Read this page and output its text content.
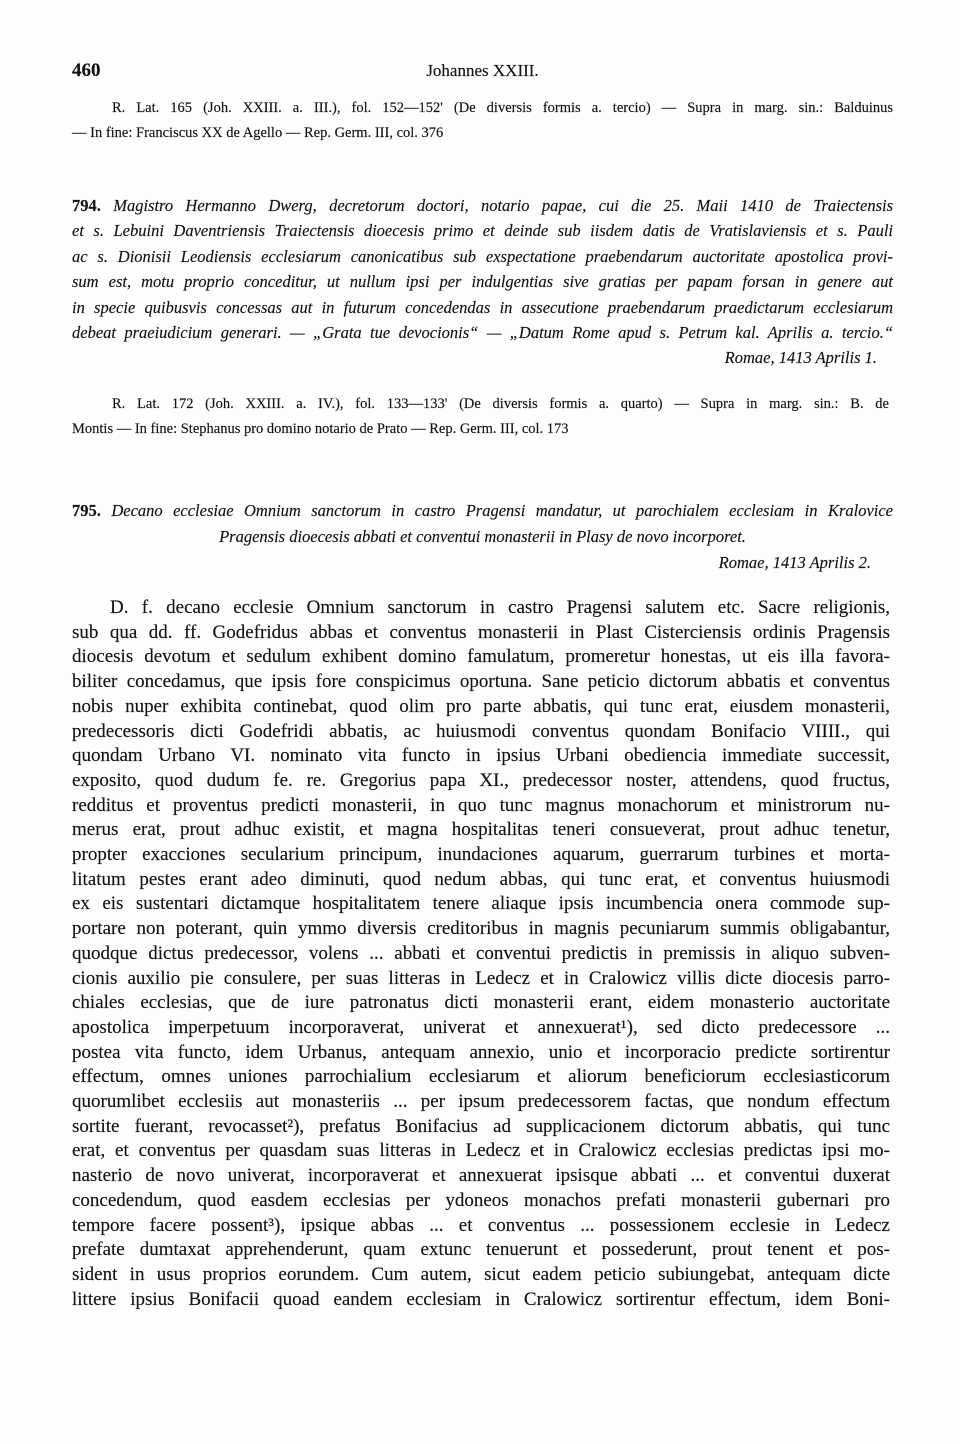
460	Johannes XXIII.
R. Lat. 165 (Joh. XXIII. a. III.), fol. 152—152' (De diversis formis a. tercio) — Supra in marg. sin.: Balduinus
— In fine: Franciscus XX de Agello — Rep. Germ. III, col. 376
794. Magistro Hermanno Dwerg, decretorum doctori, notario papae, cui die 25. Maii 1410 de Traiectensis
et s. Lebuini Daventriensis Traiectensis dioecesis primo et deinde sub iisdem datis de Vratislaviensis et s. Pauli
ac s. Dionisii Leodiensis ecclesiarum canonicatibus sub exspectatione praebendarum auctoritate apostolica provi-
sum est, motu proprio conceditur, ut nullum ipsi per indulgentias sive gratias per papam forsan in genere aut
in specie quibusvis concessas aut in futurum concedendas in assecutione praebendarum praedictarum ecclesiarum
debeat praeiudicium generari. — „Grata tue devocionis“ — „Datum Rome apud s. Petrum kal. Aprilis a. tercio.“
Romae, 1413 Aprilis 1.
R. Lat. 172 (Joh. XXIII. a. IV.), fol. 133—133' (De diversis formis a. quarto) — Supra in marg. sin.: B. de
Montis — In fine: Stephanus pro domino notario de Prato — Rep. Germ. III, col. 173
795. Decano ecclesiae Omnium sanctorum in castro Pragensi mandatur, ut parochialem ecclesiam in Kralovice
Pragensis dioecesis abbati et conventui monasterii in Plasy de novo incorporet.
Romae, 1413 Aprilis 2.
D. f. decano ecclesie Omnium sanctorum in castro Pragensi salutem etc. Sacre religionis,
sub qua dd. ff. Godefridus abbas et conventus monasterii in Plast Cisterciensis ordinis Pragensis
diocesis devotum et sedulum exhibent domino famulatum, promeretur honestas, ut eis illa favora-
biliter concedamus, que ipsis fore conspicimus oportuna. Sane peticio dictorum abbatis et conventus
nobis nuper exhibita continebat, quod olim pro parte abbatis, qui tunc erat, eiusdem monasterii,
predecessoris dicti Godefridi abbatis, ac huiusmodi conventus quondam Bonifacio VIIII., qui
quondam Urbano VI. nominato vita functo in ipsius Urbani obediencia immediate successit,
exposito, quod dudum fe. re. Gregorius papa XI., predecessor noster, attendens, quod fructus,
redditus et proventus predicti monasterii, in quo tunc magnus monachorum et ministrorum nu-
merus erat, prout adhuc existit, et magna hospitalitas teneri consueverat, prout adhuc tenetur,
propter exacciones secularium principum, inundaciones aquarum, guerrarum turbines et morta-
litatum pestes erant adeo diminuti, quod nedum abbas, qui tunc erat, et conventus huiusmodi
ex eis sustentari dictamque hospitalitatem tenere aliaque ipsis incumbencia onera commode sup-
portare non poterant, quin ymmo diversis creditoribus in magnis pecuniarum summis obligabantur,
quodque dictus predecessor, volens ... abbati et conventui predictis in premissis in aliquo subven-
cionis auxilio pie consulere, per suas litteras in Ledecz et in Cralowicz villis dicte diocesis parro-
chiales ecclesias, que de iure patronatus dicti monasterii erant, eidem monasterio auctoritate
apostolica imperpetuum incorporaverat, univerat et annexuerat¹), sed dicto predecessore ...
postea vita functo, idem Urbanus, antequam annexio, unio et incorporacio predicte sortirentur
effectum, omnes uniones parrochialium ecclesiarum et aliorum beneficiorum ecclesiasticorum
quorumlibet ecclesiis aut monasteriis ... per ipsum predecessorem factas, que nondum effectum
sortite fuerant, revocasset²), prefatus Bonifacius ad supplicacionem dictorum abbatis, qui tunc
erat, et conventus per quasdam suas litteras in Ledecz et in Cralowicz ecclesias predictas ipsi mo-
nasterio de novo univerat, incorporaverat et annexuerat ipsisque abbati ... et conventui duxerat
concedendum, quod easdem ecclesias per ydoneos monachos prefati monasterii gubernari pro
tempore facere possent³), ipsique abbas ... et conventus ... possessionem ecclesie in Ledecz
prefate dumtaxat apprehenderunt, quam extunc tenuerunt et possederunt, prout tenent et pos-
sident in usus proprios eorundem. Cum autem, sicut eadem peticio subiungebat, antequam dicte
littere ipsius Bonifacii quoad eandem ecclesiam in Cralowicz sortirentur effectum, idem Boni-
